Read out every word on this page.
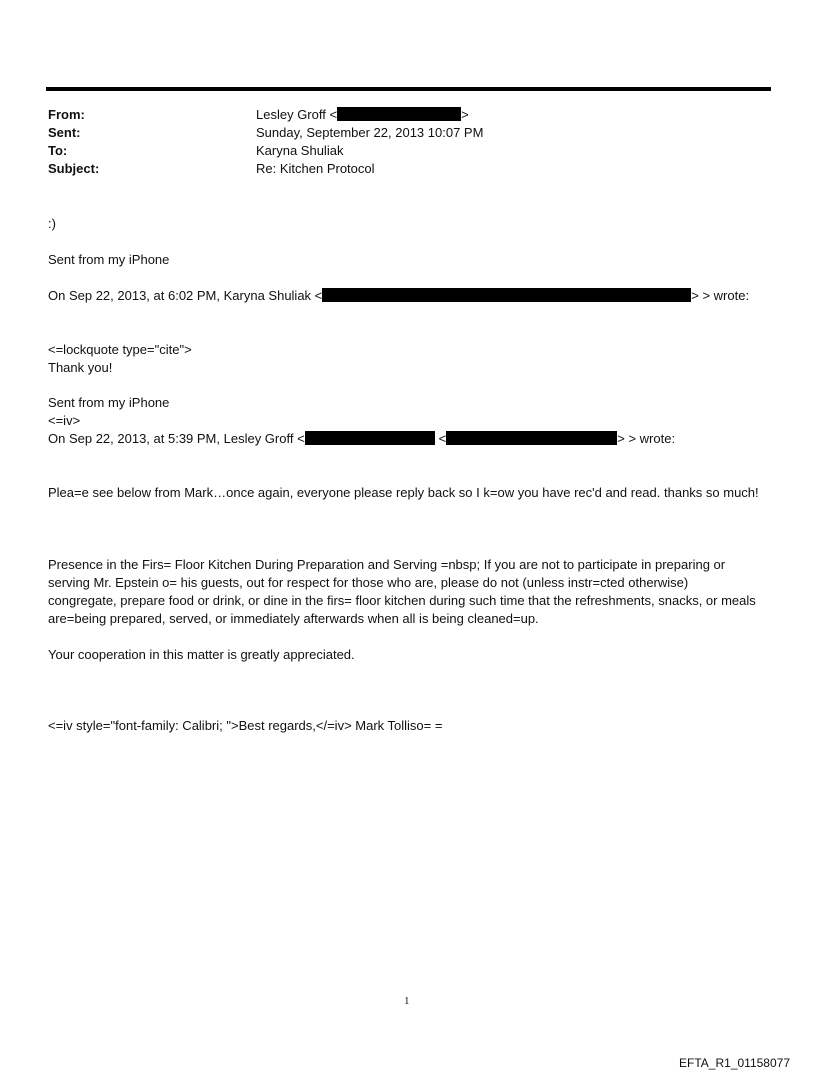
From:	Lesley Groff <	>
Sent:	Sunday, September 22, 2013 10:07 PM
To:	Karyna Shuliak
Subject:	Re: Kitchen Protocol
:)
Sent from my iPhone
On Sep 22, 2013, at 6:02 PM, Karyna Shuliak <	> > wrote:
<=lockquote type="cite">
Thank you!
Sent from my iPhone
<=iv>
On Sep 22, 2013, at 5:39 PM, Lesley Groff <	<	> > wrote:
Plea=e see below from Mark…once again, everyone please reply back so I k=ow you have rec'd and read. thanks so much!
Presence in the Firs= Floor Kitchen During Preparation and Serving =nbsp; If you are not to participate in preparing or serving Mr. Epstein o= his guests, out for respect for those who are, please do not (unless instr=cted otherwise) congregate, prepare food or drink, or dine in the firs= floor kitchen during such time that the refreshments, snacks, or meals are=being prepared, served, or immediately afterwards when all is being cleaned=up.
Your cooperation in this matter is greatly appreciated.
<=iv style="font-family: Calibri; ">Best regards,</=iv> Mark Tolliso= =
1
EFTA_R1_01158077
